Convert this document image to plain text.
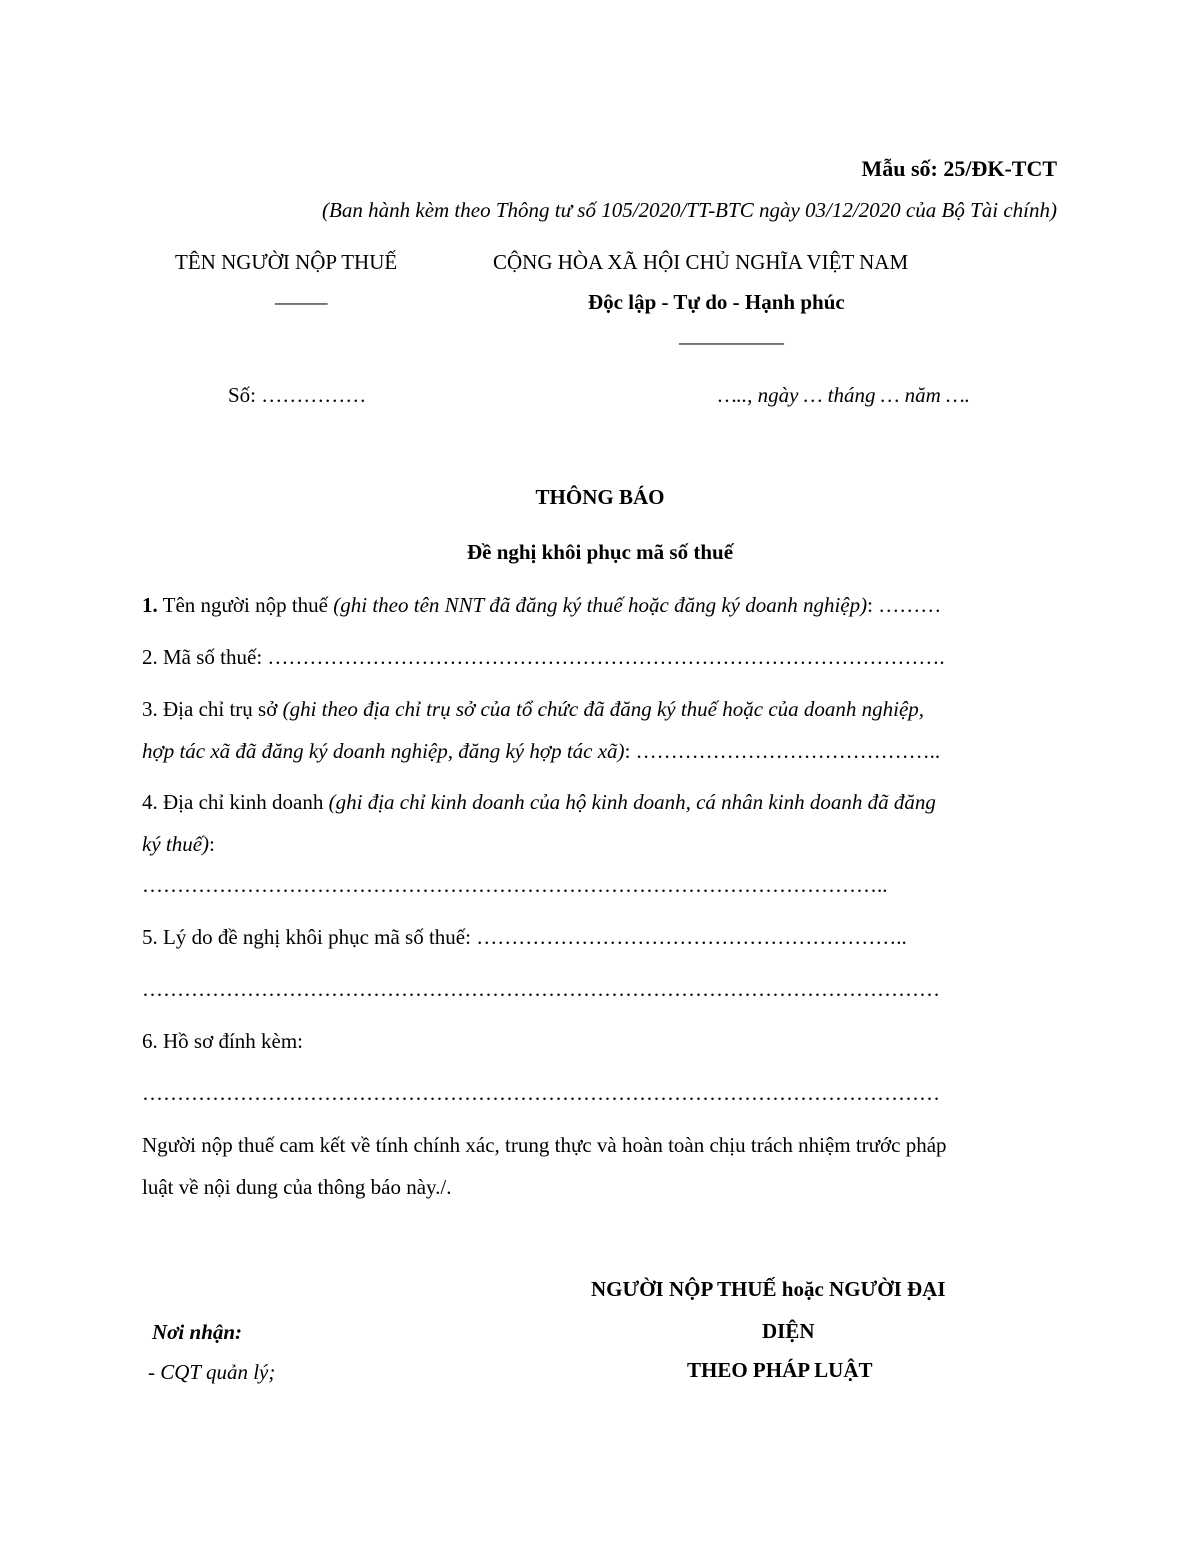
Mẫu số: 25/ĐK-TCT
(Ban hành kèm theo Thông tư số 105/2020/TT-BTC ngày 03/12/2020 của Bộ Tài chính)
TÊN NGƯỜI NỘP THUẾ
–––––
CỘNG HÒA XÃ HỘI CHỦ NGHĨA VIỆT NAM
Độc lập - Tự do - Hạnh phúc
––––––––––
Số: ……………	….., ngày … tháng … năm ….
THÔNG BÁO
Đề nghị khôi phục mã số thuế
1. Tên người nộp thuế (ghi theo tên NNT đã đăng ký thuế hoặc đăng ký doanh nghiệp): ………
2. Mã số thuế: …………………………………………………………………………………….
3. Địa chỉ trụ sở (ghi theo địa chỉ trụ sở của tổ chức đã đăng ký thuế hoặc của doanh nghiệp,
hợp tác xã đã đăng ký doanh nghiệp, đăng ký hợp tác xã): ……………………………………..
4. Địa chỉ kinh doanh (ghi địa chỉ kinh doanh của hộ kinh doanh, cá nhân kinh doanh đã đăng
ký thuế):
……………………………………………………………………………………………..
5. Lý do đề nghị khôi phục mã số thuế: ……………………………………………………..
……………………………………………………………………………………………………
6. Hồ sơ đính kèm:
……………………………………………………………………………………………………
Người nộp thuế cam kết về tính chính xác, trung thực và hoàn toàn chịu trách nhiệm trước pháp
luật về nội dung của thông báo này./.
NGƯỜI NỘP THUẾ hoặc NGƯỜI ĐẠI
DIỆN
THEO PHÁP LUẬT
Nơi nhận:
- CQT quản lý;
